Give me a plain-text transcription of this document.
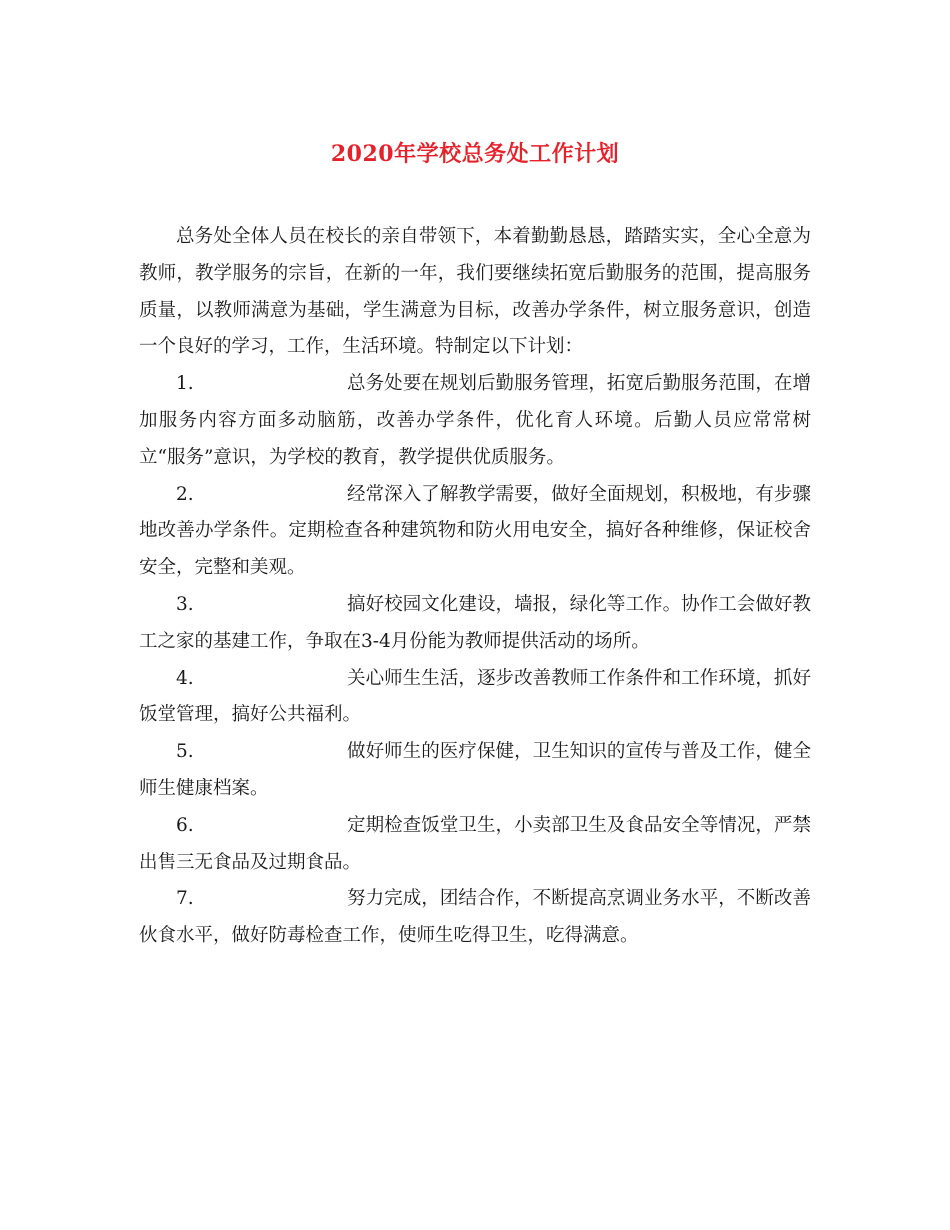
2020年学校总务处工作计划

总务处全体人员在校长的亲自带领下，本着勤勤恳恳，踏踏实实，全心全意为教师，教学服务的宗旨，在新的一年，我们要继续拓宽后勤服务的范围，提高服务质量，以教师满意为基础，学生满意为目标，改善办学条件，树立服务意识，创造一个良好的学习，工作，生活环境。特制定以下计划：

1.	总务处要在规划后勤服务管理，拓宽后勤服务范围，在增加服务内容方面多动脑筋，改善办学条件，优化育人环境。后勤人员应常常树立“服务”意识，为学校的教育，教学提供优质服务。

2.	经常深入了解教学需要，做好全面规划，积极地，有步骤地改善办学条件。定期检查各种建筑物和防火用电安全，搞好各种维修，保证校舍安全，完整和美观。

3.	搞好校园文化建设，墙报，绿化等工作。协作工会做好教工之家的基建工作，争取在3-4月份能为教师提供活动的场所。

4.	关心师生生活，逐步改善教师工作条件和工作环境，抓好饭堂管理，搞好公共福利。

5.	做好师生的医疗保健，卫生知识的宣传与普及工作，健全师生健康档案。

6.	定期检查饭堂卫生，小卖部卫生及食品安全等情况，严禁出售三无食品及过期食品。

7.	努力完成，团结合作，不断提高烹调业务水平，不断改善伙食水平，做好防毒检查工作，使师生吃得卫生，吃得满意。
